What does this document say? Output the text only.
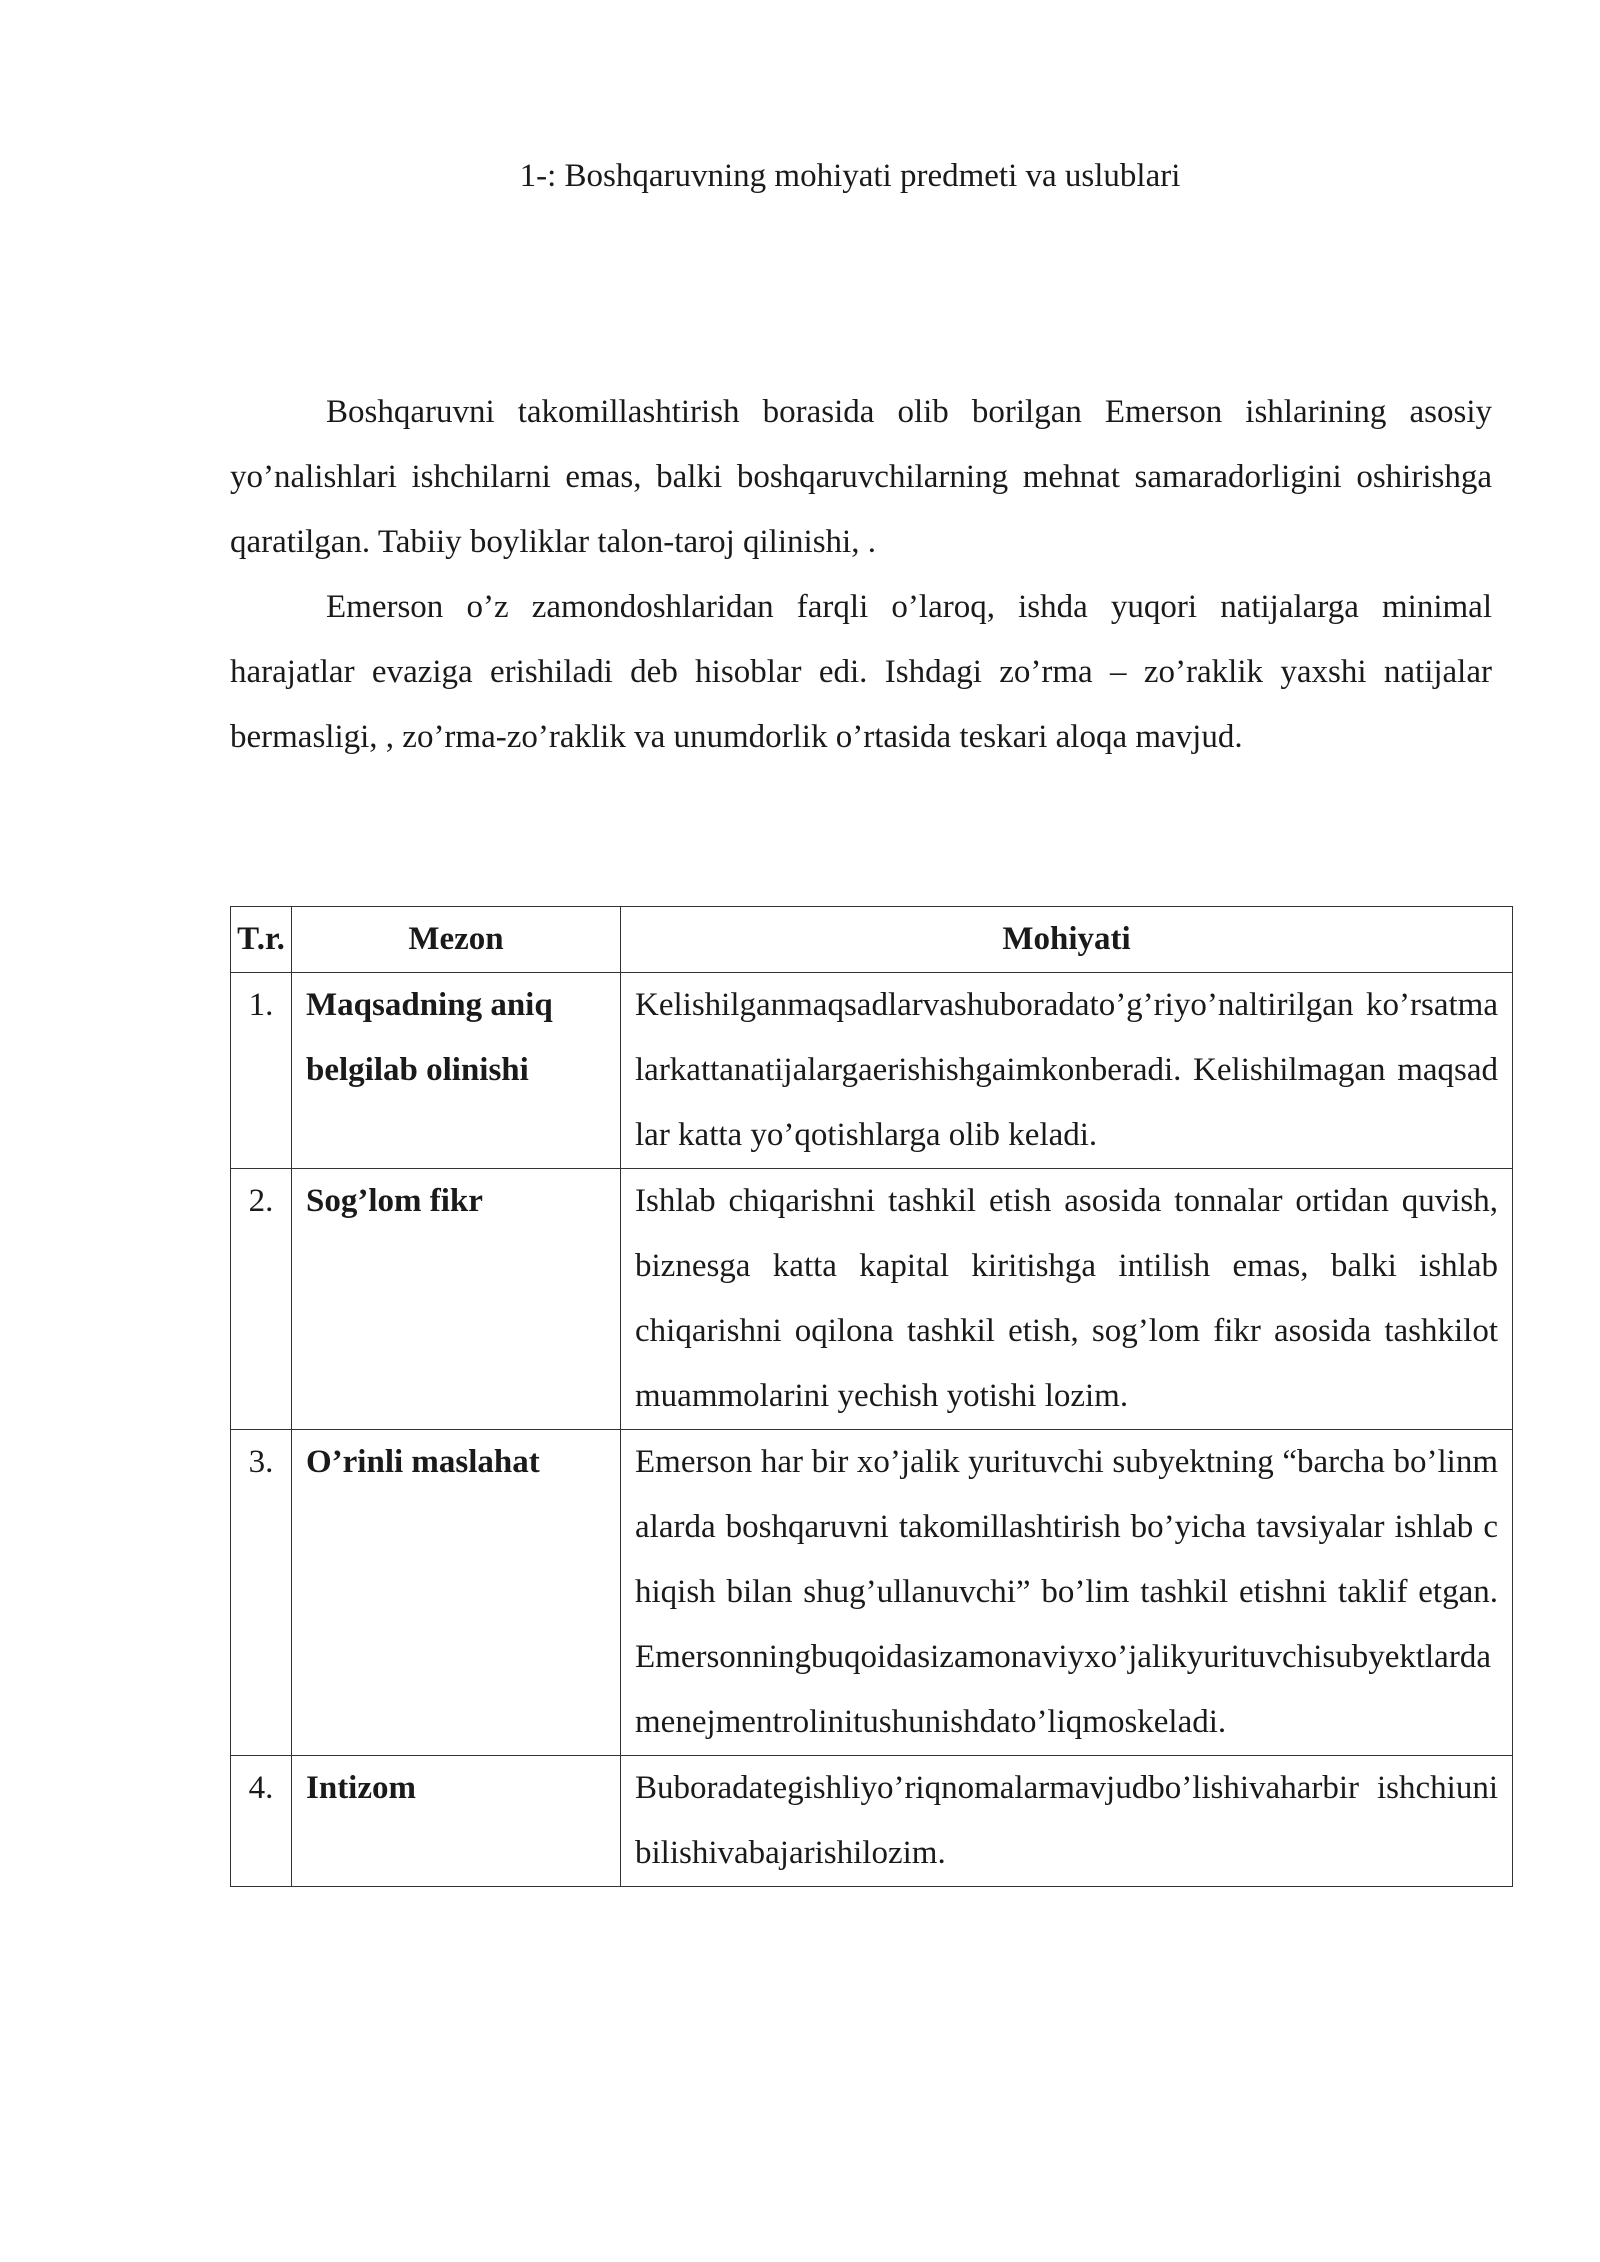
1-: Boshqaruvning mohiyati predmeti va uslublari

Boshqaruvni takomillashtirish borasida olib borilgan Emerson ishlarining asosiy yo’nalishlari ishchilarni emas, balki boshqaruvchilarning mehnat samaradorligini oshirishga qaratilgan. Tabiiy boyliklar talon-taroj qilinishi, .

Emerson o’z zamondoshlaridan farqli o’laroq, ishda yuqori natijalarga minimal harajatlar evaziga erishiladi deb hisoblar edi. Ishdagi zo’rma – zo’raklik yaxshi natijalar bermasligi, , zo’rma-zo’raklik va unumdorlik o’rtasida teskari aloqa mavjud.

T.r.	Mezon	Mohiyati
1.	Maqsadning aniq belgilab olinishi	Kelishilganmaqsadlarvashuboradato’g’riyo’naltirilgan ko’rsatmalarkattanatijalargaerishishgaimkonberadi. Kelishilmagan maqsadlar katta yo’qotishlarga olib keladi.
2.	Sog’lom fikr	Ishlab chiqarishni tashkil etish asosida tonnalar ortidan quvish, biznesga katta kapital kiritishga intilish emas, balki ishlab chiqarishni oqilona tashkil etish, sog’lom fikr asosida tashkilot muammolarini yechish yotishi lozim.
3.	O’rinli maslahat	Emerson har bir xo’jalik yurituvchi subyektning “barcha bo’linmalarda boshqaruvni takomillashtirish bo’yicha tavsiyalar ishlab chiqish bilan shug’ullanuvchi” bo’lim tashkil etishni taklif etgan. Emersonningbuqoidasizamonaviyxo’jalikyurituvchisubyektlardamenejmentrolinitushunishdato’liqmoskeladi.
4.	Intizom	Buboradategishliyo’riqnomalarmavjudbo’lishivaharbir ishchiunibilishivabajarishilozim.
